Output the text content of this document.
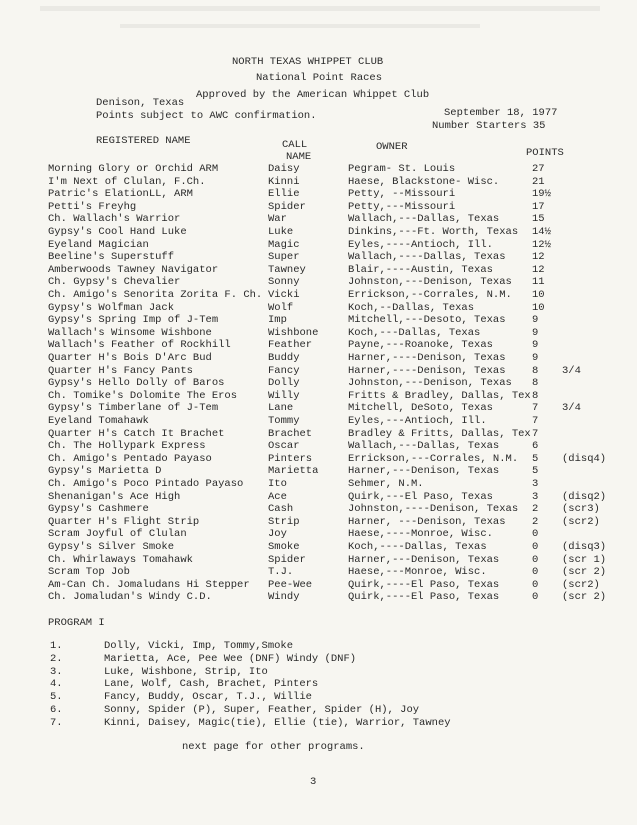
NORTH TEXAS WHIPPET CLUB
National Point Races
Approved by the American Whippet Club
Denison, Texas
Points subject to AWC confirmation.	September 18, 1977
Number Starters 35
REGISTERED NAME	CALL
NAME
OWNER	POINTS
Morning Glory or Orchid ARM	Daisy	Pegram- St. Louis	27
I'm Next of Clulan, F.Ch.	Kinni	Haese, Blackstone- Wisc.	21
Patric's ElationLL, ARM	Ellie	Petty, --Missouri	19½
Petti's Freyhg	Spider	Petty,---Missouri	17
Ch. Wallach's Warrior	War	Wallach,---Dallas, Texas	15
Gypsy's Cool Hand Luke	Luke	Dinkins,---Ft. Worth, Texas 14½
Eyeland Magician	Magic	Eyles,----Antioch, Ill.	12½
Beeline's Superstuff	Super	Wallach,----Dallas, Texas	12
Amberwoods Tawney Navigator	Tawney	Blair,----Austin, Texas	12
Ch. Gypsy's Chevalier	Sonny	Johnston,---Denison, Texas 11
Ch. Amigo's Senorita Zorita F. Ch. Vicki	Errickson,--Corrales, N.M. 10
Gypsy's Wolfman Jack	Wolf	Koch,--Dallas, Texas	10
Gypsy's Spring Imp of J-Tem	Imp	Mitchell,---Desoto, Texas	9
Wallach's Winsome Wishbone	Wishbone	Koch,---Dallas, Texas	9
Wallach's Feather of Rockhill	Feather	Payne,---Roanoke, Texas	9
Quarter H's Bois D'Arc Bud	Buddy	Harner,----Denison, Texas	9
Quarter H's Fancy Pants	Fancy	Harner,----Denison, Texas	8 3/4
Gypsy's Hello Dolly of Baros	Dolly	Johnston,---Denison, Texas 8
Ch. Tomike's Dolomite The Eros	Willy	Fritts & Bradley, Dallas, Tex 8
Gypsy's Timberlane of J-Tem	Lane	Mitchell, DeSoto, Texas	7 3/4
Eyeland Tomahawk	Tommy	Eyles,---Antioch, Ill.	7
Quarter H's Catch It Brachet	Brachet	Bradley & Fritts, Dallas, Tex 7
Ch. The Hollypark Express	Oscar	Wallach,---Dallas, Texas	6
Ch. Amigo's Pentado Payaso	Pinters	Errickson,---Corrales, N.M. 5 (disq4)
Gypsy's Marietta D	Marietta	Harner,---Denison, Texas	5
Ch. Amigo's Poco Pintado Payaso Ito	Sehmer, N.M.	3
Shenanigan's Ace High	Ace	Quirk,---El Paso, Texas	3 (disq2)
Gypsy's Cashmere	Cash	Johnston,----Denison, Texas 2 (scr3)
Quarter H's Flight Strip	Strip	Harner, ---Denison, Texas	2 (scr2)
Scram Joyful of Clulan	Joy	Haese,----Monroe, Wisc.	0
Gypsy's Silver Smoke	Smoke	Koch,----Dallas, Texas	0 (disq3)
Ch. Whirlaways Tomahawk	Spider	Harner,---Denison, Texas	0 (scr 1)
Scram Top Job	T.J.	Haese,---Monroe, Wisc.	0 (scr 2)
Am-Can Ch. Jomaludans Hi Stepper Pee-Wee	Quirk,----El Paso, Texas	0 (scr2)
Ch. Jomaludan's Windy C.D.	Windy	Quirk,----El Paso, Texas	0 (scr 2)
PROGRAM I
1.	Dolly, Vicki, Imp, Tommy,Smoke
2.	Marietta, Ace, Pee Wee (DNF) Windy (DNF)
3.	Luke, Wishbone, Strip, Ito
4.	Lane, Wolf, Cash, Brachet, Pinters
5.	Fancy, Buddy, Oscar, T.J., Willie
6.	Sonny, Spider (P), Super, Feather, Spider (H), Joy
7.	Kinni, Daisey, Magic(tie), Ellie (tie), Warrior, Tawney
next page for other programs.
3
